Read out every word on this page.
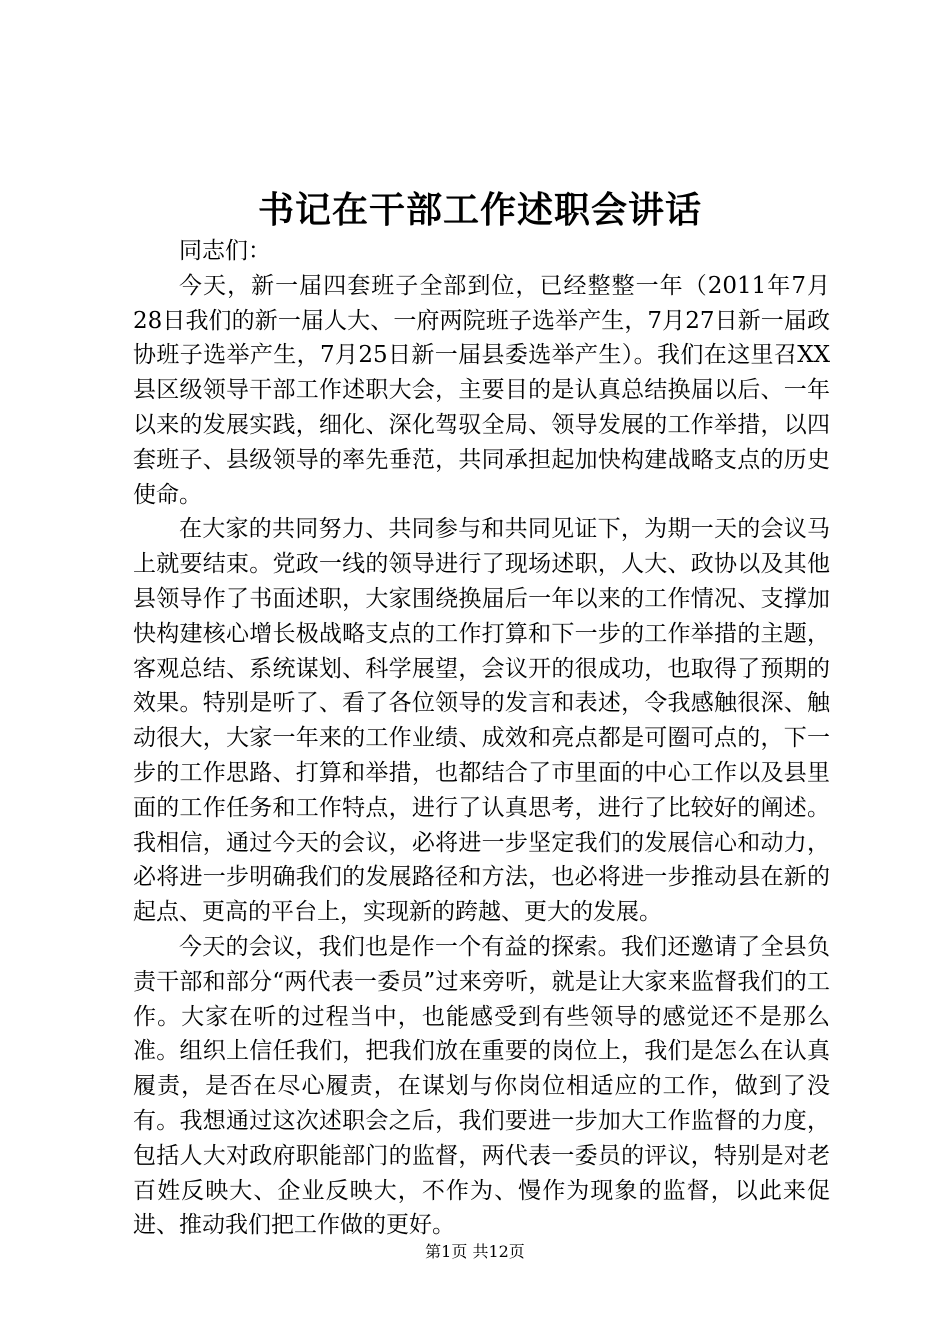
书记在干部工作述职会讲话

同志们：

今天，新一届四套班子全部到位，已经整整一年（2011年7月28日我们的新一届人大、一府两院班子选举产生，7月27日新一届政协班子选举产生，7月25日新一届县委选举产生）。我们在这里召XX县区级领导干部工作述职大会，主要目的是认真总结换届以后、一年以来的发展实践，细化、深化驾驭全局、领导发展的工作举措，以四套班子、县级领导的率先垂范，共同承担起加快构建战略支点的历史使命。

在大家的共同努力、共同参与和共同见证下，为期一天的会议马上就要结束。党政一线的领导进行了现场述职，人大、政协以及其他县领导作了书面述职，大家围绕换届后一年以来的工作情况、支撑加快构建核心增长极战略支点的工作打算和下一步的工作举措的主题，客观总结、系统谋划、科学展望，会议开的很成功，也取得了预期的效果。特别是听了、看了各位领导的发言和表述，令我感触很深、触动很大，大家一年来的工作业绩、成效和亮点都是可圈可点的，下一步的工作思路、打算和举措，也都结合了市里面的中心工作以及县里面的工作任务和工作特点，进行了认真思考，进行了比较好的阐述。我相信，通过今天的会议，必将进一步坚定我们的发展信心和动力，必将进一步明确我们的发展路径和方法，也必将进一步推动县在新的起点、更高的平台上，实现新的跨越、更大的发展。

今天的会议，我们也是作一个有益的探索。我们还邀请了全县负责干部和部分“两代表一委员”过来旁听，就是让大家来监督我们的工作。大家在听的过程当中，也能感受到有些领导的感觉还不是那么准。组织上信任我们，把我们放在重要的岗位上，我们是怎么在认真履责，是否在尽心履责，在谋划与你岗位相适应的工作，做到了没有。我想通过这次述职会之后，我们要进一步加大工作监督的力度，包括人大对政府职能部门的监督，两代表一委员的评议，特别是对老百姓反映大、企业反映大，不作为、慢作为现象的监督，以此来促进、推动我们把工作做的更好。

第1页 共12页
